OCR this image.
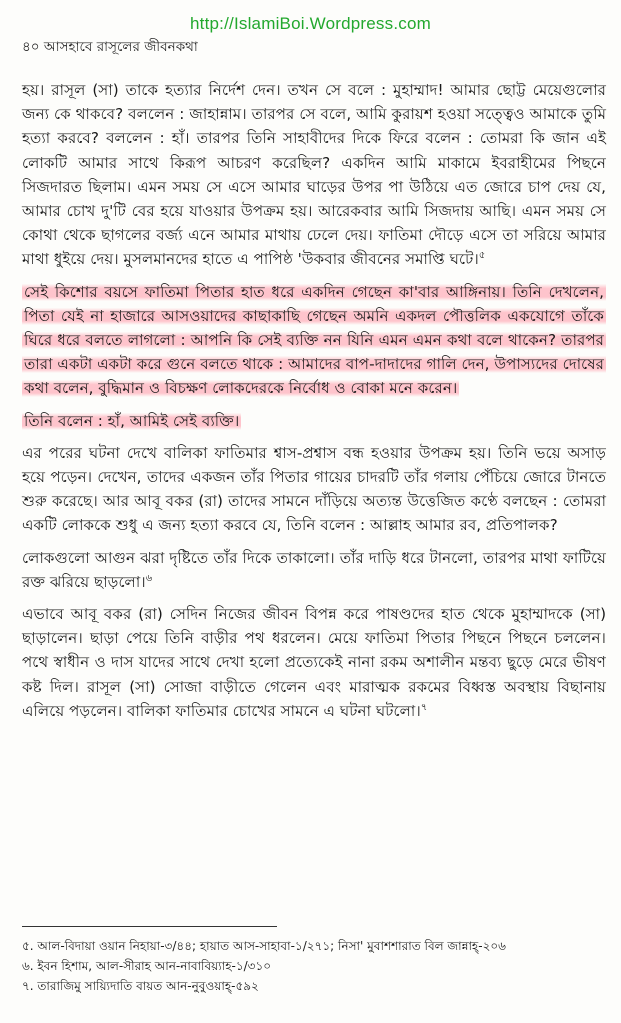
http://IslamiBoi.Wordpress.com
৪০ আসহাবে রাসূলের জীবনকথা

হয়। রাসূল (সা) তাকে হত্যার নির্দেশ দেন। তখন সে বলে : মুহাম্মাদ! আমার ছোট্ট মেয়েগুলোর জন্য কে থাকবে? বললেন : জাহান্নাম। তারপর সে বলে, আমি কুরায়শ হওয়া সত্ত্বেও আমাকে তুমি হত্যা করবে? বললেন : হাঁ। তারপর তিনি সাহাবীদের দিকে ফিরে বলেন : তোমরা কি জান এই লোকটি আমার সাথে কিরূপ আচরণ করেছিল? একদিন আমি মাকামে ইবরাহীমের পিছনে সিজদারত ছিলাম। এমন সময় সে এসে আমার ঘাড়ের উপর পা উঠিয়ে এত জোরে চাপ দেয় যে, আমার চোখ দু'টি বের হয়ে যাওয়ার উপক্রম হয়। আরেকবার আমি সিজদায় আছি। এমন সময় সে কোথা থেকে ছাগলের বর্জ্য এনে আমার মাথায় ঢেলে দেয়। ফাতিমা দৌড়ে এসে তা সরিয়ে আমার মাথা ধুইয়ে দেয়। মুসলমানদের হাতে এ পাপিষ্ঠ 'উকবার জীবনের সমাপ্তি ঘটে।$^৫$

সেই কিশোর বয়সে ফাতিমা পিতার হাত ধরে একদিন গেছেন কা'বার আঙ্গিনায়। তিনি দেখলেন, পিতা যেই না হাজারে আসওয়াদের কাছাকাছি গেছেন অমনি একদল পৌত্তলিক একযোগে তাঁকে ঘিরে ধরে বলতে লাগলো : আপনি কি সেই ব্যক্তি নন যিনি এমন এমন কথা বলে থাকেন? তারপর তারা একটা একটা করে গুনে বলতে থাকে : আমাদের বাপ-দাদাদের গালি দেন, উপাস্যদের দোষের কথা বলেন, বুদ্ধিমান ও বিচক্ষণ লোকদেরকে নির্বোধ ও বোকা মনে করেন।

তিনি বলেন : হাঁ, আমিই সেই ব্যক্তি।

এর পরের ঘটনা দেখে বালিকা ফাতিমার শ্বাস-প্রশ্বাস বন্ধ হওয়ার উপক্রম হয়। তিনি ভয়ে অসাড় হয়ে পড়েন। দেখেন, তাদের একজন তাঁর পিতার গায়ের চাদরটি তাঁর গলায় পেঁচিয়ে জোরে টানতে শুরু করেছে। আর আবূ বকর (রা) তাদের সামনে দাঁড়িয়ে অত্যন্ত উত্তেজিত কণ্ঠে বলছেন : তোমরা একটি লোককে শুধু এ জন্য হত্যা করবে যে, তিনি বলেন : আল্লাহ আমার রব, প্রতিপালক?

লোকগুলো আগুন ঝরা দৃষ্টিতে তাঁর দিকে তাকালো। তাঁর দাড়ি ধরে টানলো, তারপর মাথা ফাটিয়ে রক্ত ঝরিয়ে ছাড়লো।$^৬$

এভাবে আবূ বকর (রা) সেদিন নিজের জীবন বিপন্ন করে পাষণ্ডদের হাত থেকে মুহাম্মাদকে (সা) ছাড়ালেন। ছাড়া পেয়ে তিনি বাড়ীর পথ ধরলেন। মেয়ে ফাতিমা পিতার পিছনে পিছনে চললেন। পথে স্বাধীন ও দাস যাদের সাথে দেখা হলো প্রত্যেকেই নানা রকম অশালীন মন্তব্য ছুড়ে মেরে ভীষণ কষ্ট দিল। রাসূল (সা) সোজা বাড়ীতে গেলেন এবং মারাত্মক রকমের বিধ্বস্ত অবস্থায় বিছানায় এলিয়ে পড়লেন। বালিকা ফাতিমার চোখের সামনে এ ঘটনা ঘটলো।$^৭$

৫. আল-বিদায়া ওয়ান নিহায়া-৩/৪৪; হায়াত আস-সাহাবা-১/২৭১; নিসা' মুবাশশারাত বিল জান্নাহ্-২০৬

৬. ইবন হিশাম, আল-সীরাহ আন-নাবাবিয়্যাহ-১/৩১০

৭. তারাজিমু সায়্যিদাতি বায়ত আন-নুবুওয়াহ্-৫৯২
